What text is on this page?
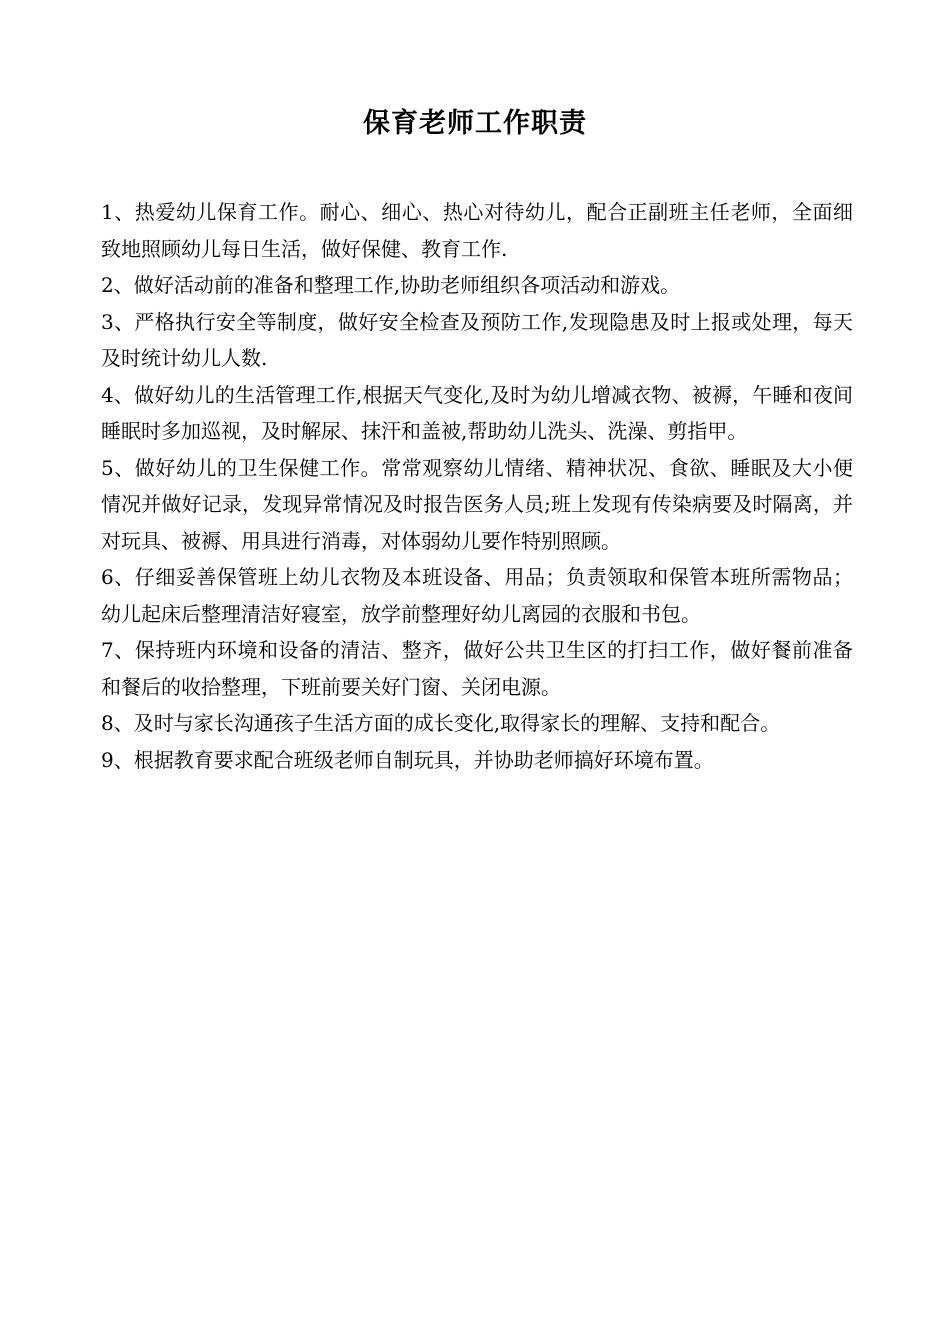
保育老师工作职责

1、热爱幼儿保育工作。耐心、细心、热心对待幼儿，配合正副班主任老师，全面细致地照顾幼儿每日生活，做好保健、教育工作.

2、做好活动前的准备和整理工作,协助老师组织各项活动和游戏。

3、严格执行安全等制度，做好安全检查及预防工作,发现隐患及时上报或处理，每天及时统计幼儿人数.

4、做好幼儿的生活管理工作,根据天气变化,及时为幼儿增减衣物、被褥，午睡和夜间睡眠时多加巡视，及时解尿、抹汗和盖被,帮助幼儿洗头、洗澡、剪指甲。

5、做好幼儿的卫生保健工作。常常观察幼儿情绪、精神状况、食欲、睡眠及大小便情况并做好记录，发现异常情况及时报告医务人员;班上发现有传染病要及时隔离，并对玩具、被褥、用具进行消毒，对体弱幼儿要作特别照顾。

6、仔细妥善保管班上幼儿衣物及本班设备、用品；负责领取和保管本班所需物品；幼儿起床后整理清洁好寝室，放学前整理好幼儿离园的衣服和书包。

7、保持班内环境和设备的清洁、整齐，做好公共卫生区的打扫工作，做好餐前准备和餐后的收拾整理，下班前要关好门窗、关闭电源。

8、及时与家长沟通孩子生活方面的成长变化,取得家长的理解、支持和配合。

9、根据教育要求配合班级老师自制玩具，并协助老师搞好环境布置。
